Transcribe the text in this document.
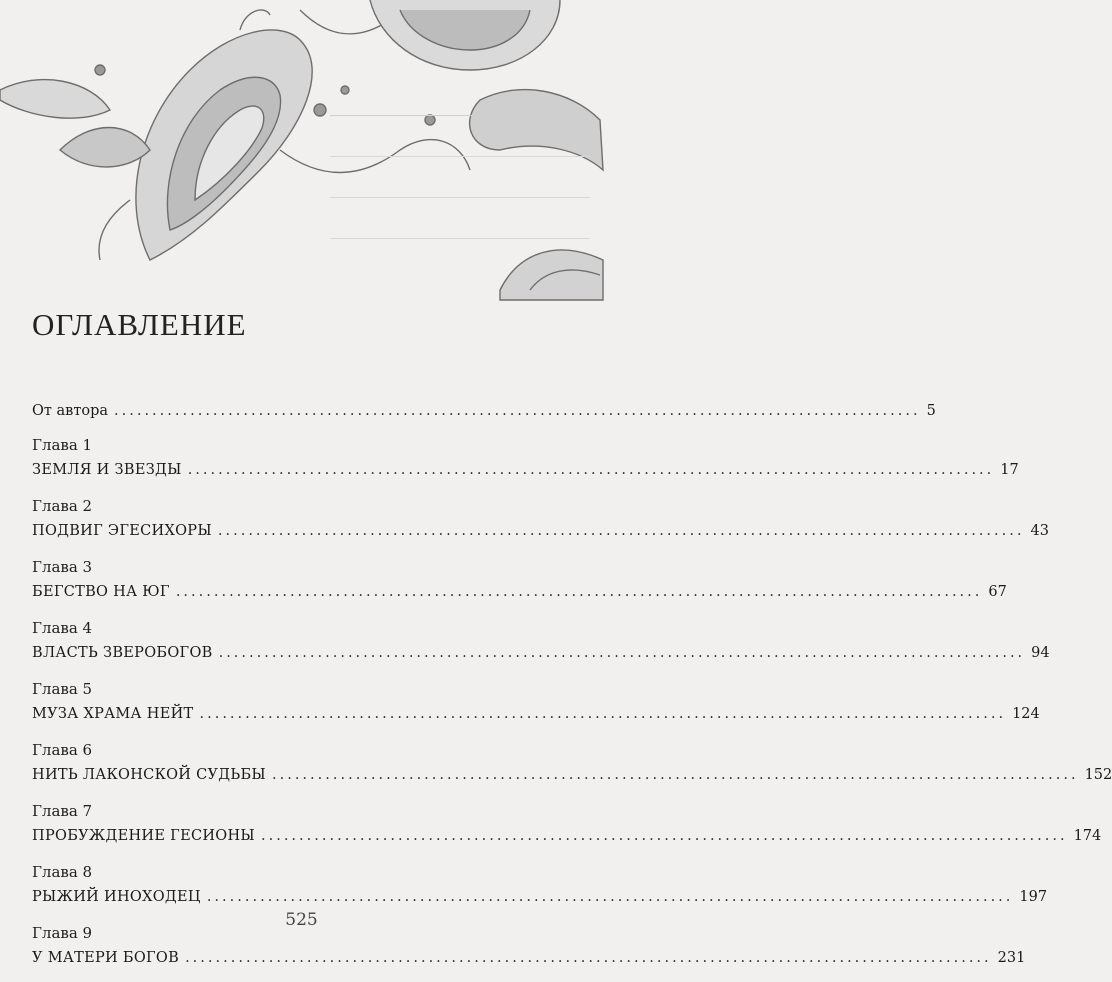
ОГЛАВЛЕНИЕ
От автора .......................................................................................................... 5
Глава 1
ЗЕМЛЯ И ЗВЕЗДЫ .......................................................................................................... 17
Глава 2
ПОДВИГ ЭГЕСИХОРЫ .......................................................................................................... 43
Глава 3
БЕГСТВО НА ЮГ .......................................................................................................... 67
Глава 4
ВЛАСТЬ ЗВЕРОБОГОВ .......................................................................................................... 94
Глава 5
МУЗА ХРАМА НЕЙТ .......................................................................................................... 124
Глава 6
НИТЬ ЛАКОНСКОЙ СУДЬБЫ .......................................................................................................... 152
Глава 7
ПРОБУЖДЕНИЕ ГЕСИОНЫ .......................................................................................................... 174
Глава 8
РЫЖИЙ ИНОХОДЕЦ .......................................................................................................... 197
Глава 9
У МАТЕРИ БОГОВ .......................................................................................................... 231
525
